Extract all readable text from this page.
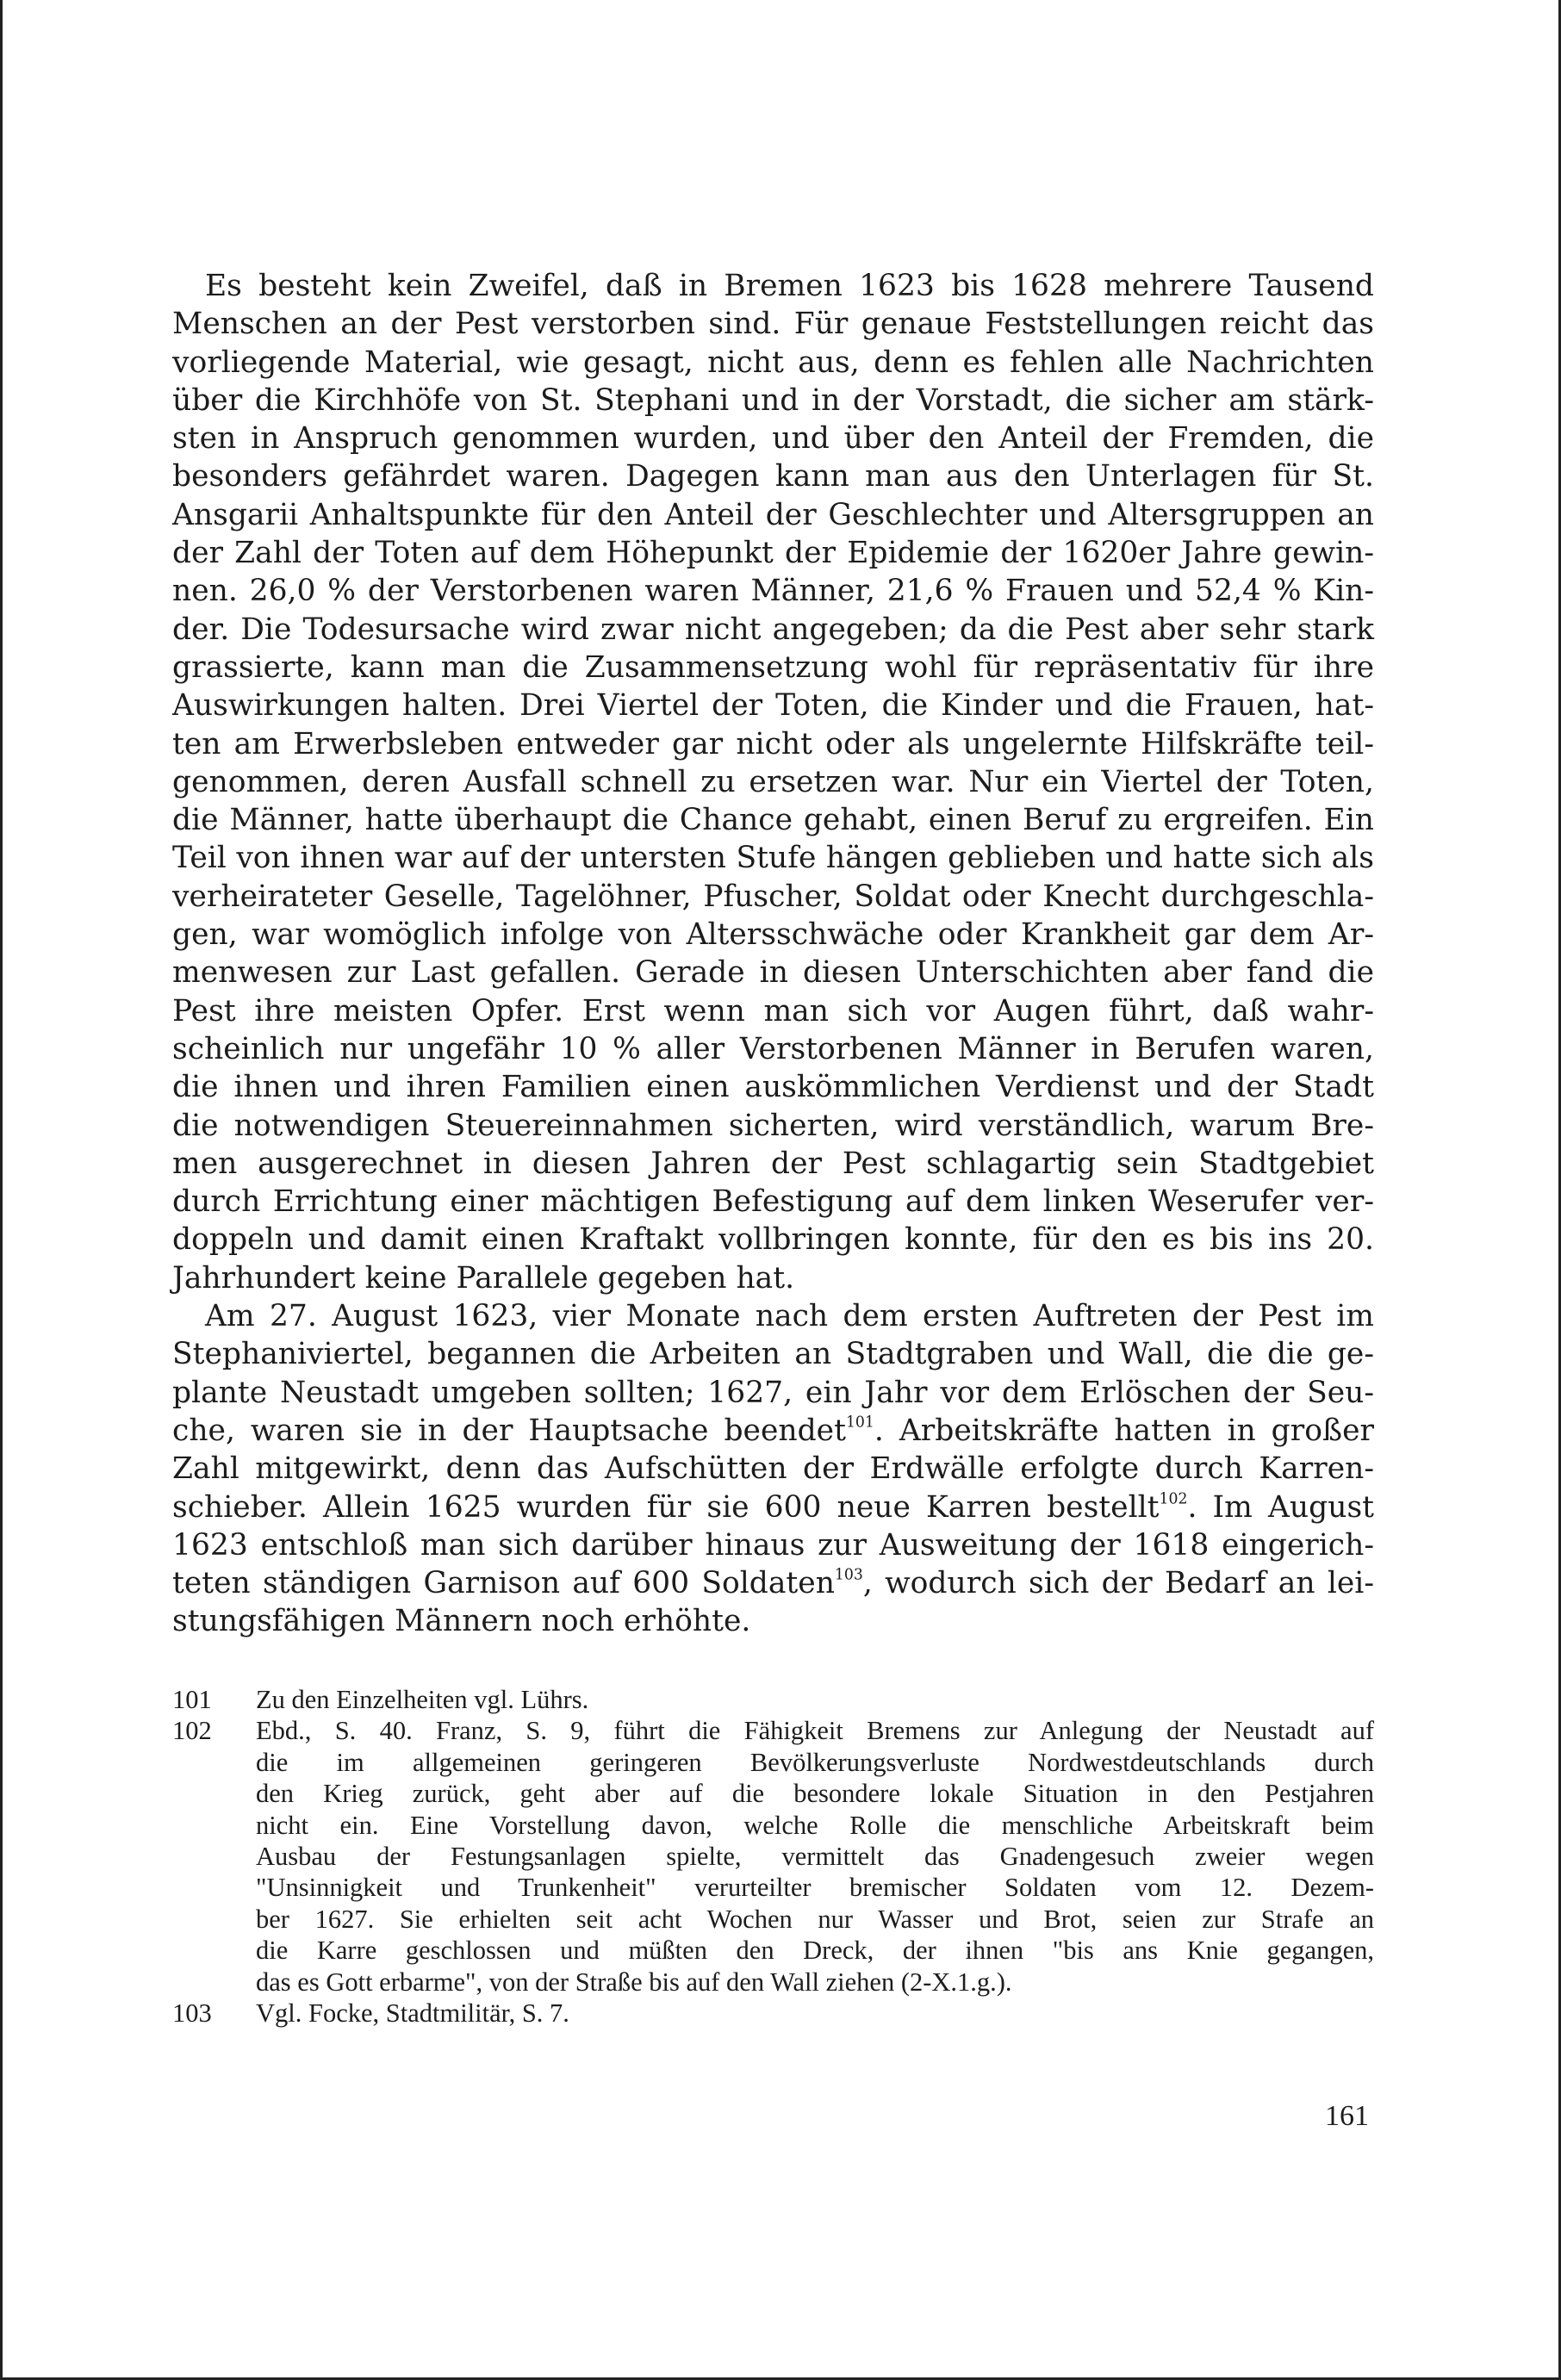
Es besteht kein Zweifel, daß in Bremen 1623 bis 1628 mehrere Tausend
Menschen an der Pest verstorben sind. Für genaue Feststellungen reicht das
vorliegende Material, wie gesagt, nicht aus, denn es fehlen alle Nachrichten
über die Kirchhöfe von St. Stephani und in der Vorstadt, die sicher am stärk-
sten in Anspruch genommen wurden, und über den Anteil der Fremden, die
besonders gefährdet waren. Dagegen kann man aus den Unterlagen für St.
Ansgarii Anhaltspunkte für den Anteil der Geschlechter und Altersgruppen an
der Zahl der Toten auf dem Höhepunkt der Epidemie der 1620er Jahre gewin-
nen. 26,0 % der Verstorbenen waren Männer, 21,6 % Frauen und 52,4 % Kin-
der. Die Todesursache wird zwar nicht angegeben; da die Pest aber sehr stark
grassierte, kann man die Zusammensetzung wohl für repräsentativ für ihre
Auswirkungen halten. Drei Viertel der Toten, die Kinder und die Frauen, hat-
ten am Erwerbsleben entweder gar nicht oder als ungelernte Hilfskräfte teil-
genommen, deren Ausfall schnell zu ersetzen war. Nur ein Viertel der Toten,
die Männer, hatte überhaupt die Chance gehabt, einen Beruf zu ergreifen. Ein
Teil von ihnen war auf der untersten Stufe hängen geblieben und hatte sich als
verheirateter Geselle, Tagelöhner, Pfuscher, Soldat oder Knecht durchgeschla-
gen, war womöglich infolge von Altersschwäche oder Krankheit gar dem Ar-
menwesen zur Last gefallen. Gerade in diesen Unterschichten aber fand die
Pest ihre meisten Opfer. Erst wenn man sich vor Augen führt, daß wahr-
scheinlich nur ungefähr 10 % aller Verstorbenen Männer in Berufen waren,
die ihnen und ihren Familien einen auskömmlichen Verdienst und der Stadt
die notwendigen Steuereinnahmen sicherten, wird verständlich, warum Bre-
men ausgerechnet in diesen Jahren der Pest schlagartig sein Stadtgebiet
durch Errichtung einer mächtigen Befestigung auf dem linken Weserufer ver-
doppeln und damit einen Kraftakt vollbringen konnte, für den es bis ins 20.
Jahrhundert keine Parallele gegeben hat.
Am 27. August 1623, vier Monate nach dem ersten Auftreten der Pest im
Stephaniviertel, begannen die Arbeiten an Stadtgraben und Wall, die die ge-
plante Neustadt umgeben sollten; 1627, ein Jahr vor dem Erlöschen der Seu-
che, waren sie in der Hauptsache beendet$^{101}$. Arbeitskräfte hatten in großer
Zahl mitgewirkt, denn das Aufschütten der Erdwälle erfolgte durch Karren-
schieber. Allein 1625 wurden für sie 600 neue Karren bestellt$^{102}$. Im August
1623 entschloß man sich darüber hinaus zur Ausweitung der 1618 eingerich-
teten ständigen Garnison auf 600 Soldaten$^{103}$, wodurch sich der Bedarf an lei-
stungsfähigen Männern noch erhöhte.
101	Zu den Einzelheiten vgl. Lührs.
102	Ebd., S. 40. Franz, S. 9, führt die Fähigkeit Bremens zur Anlegung der Neustadt auf
die im allgemeinen geringeren Bevölkerungsverluste Nordwestdeutschlands durch
den Krieg zurück, geht aber auf die besondere lokale Situation in den Pestjahren
nicht ein. Eine Vorstellung davon, welche Rolle die menschliche Arbeitskraft beim
Ausbau der Festungsanlagen spielte, vermittelt das Gnadengesuch zweier wegen
"Unsinnigkeit und Trunkenheit" verurteilter bremischer Soldaten vom 12. Dezem-
ber 1627. Sie erhielten seit acht Wochen nur Wasser und Brot, seien zur Strafe an
die Karre geschlossen und müßten den Dreck, der ihnen "bis ans Knie gegangen,
das es Gott erbarme", von der Straße bis auf den Wall ziehen (2-X.1.g.).
103	Vgl. Focke, Stadtmilitär, S. 7.
161
